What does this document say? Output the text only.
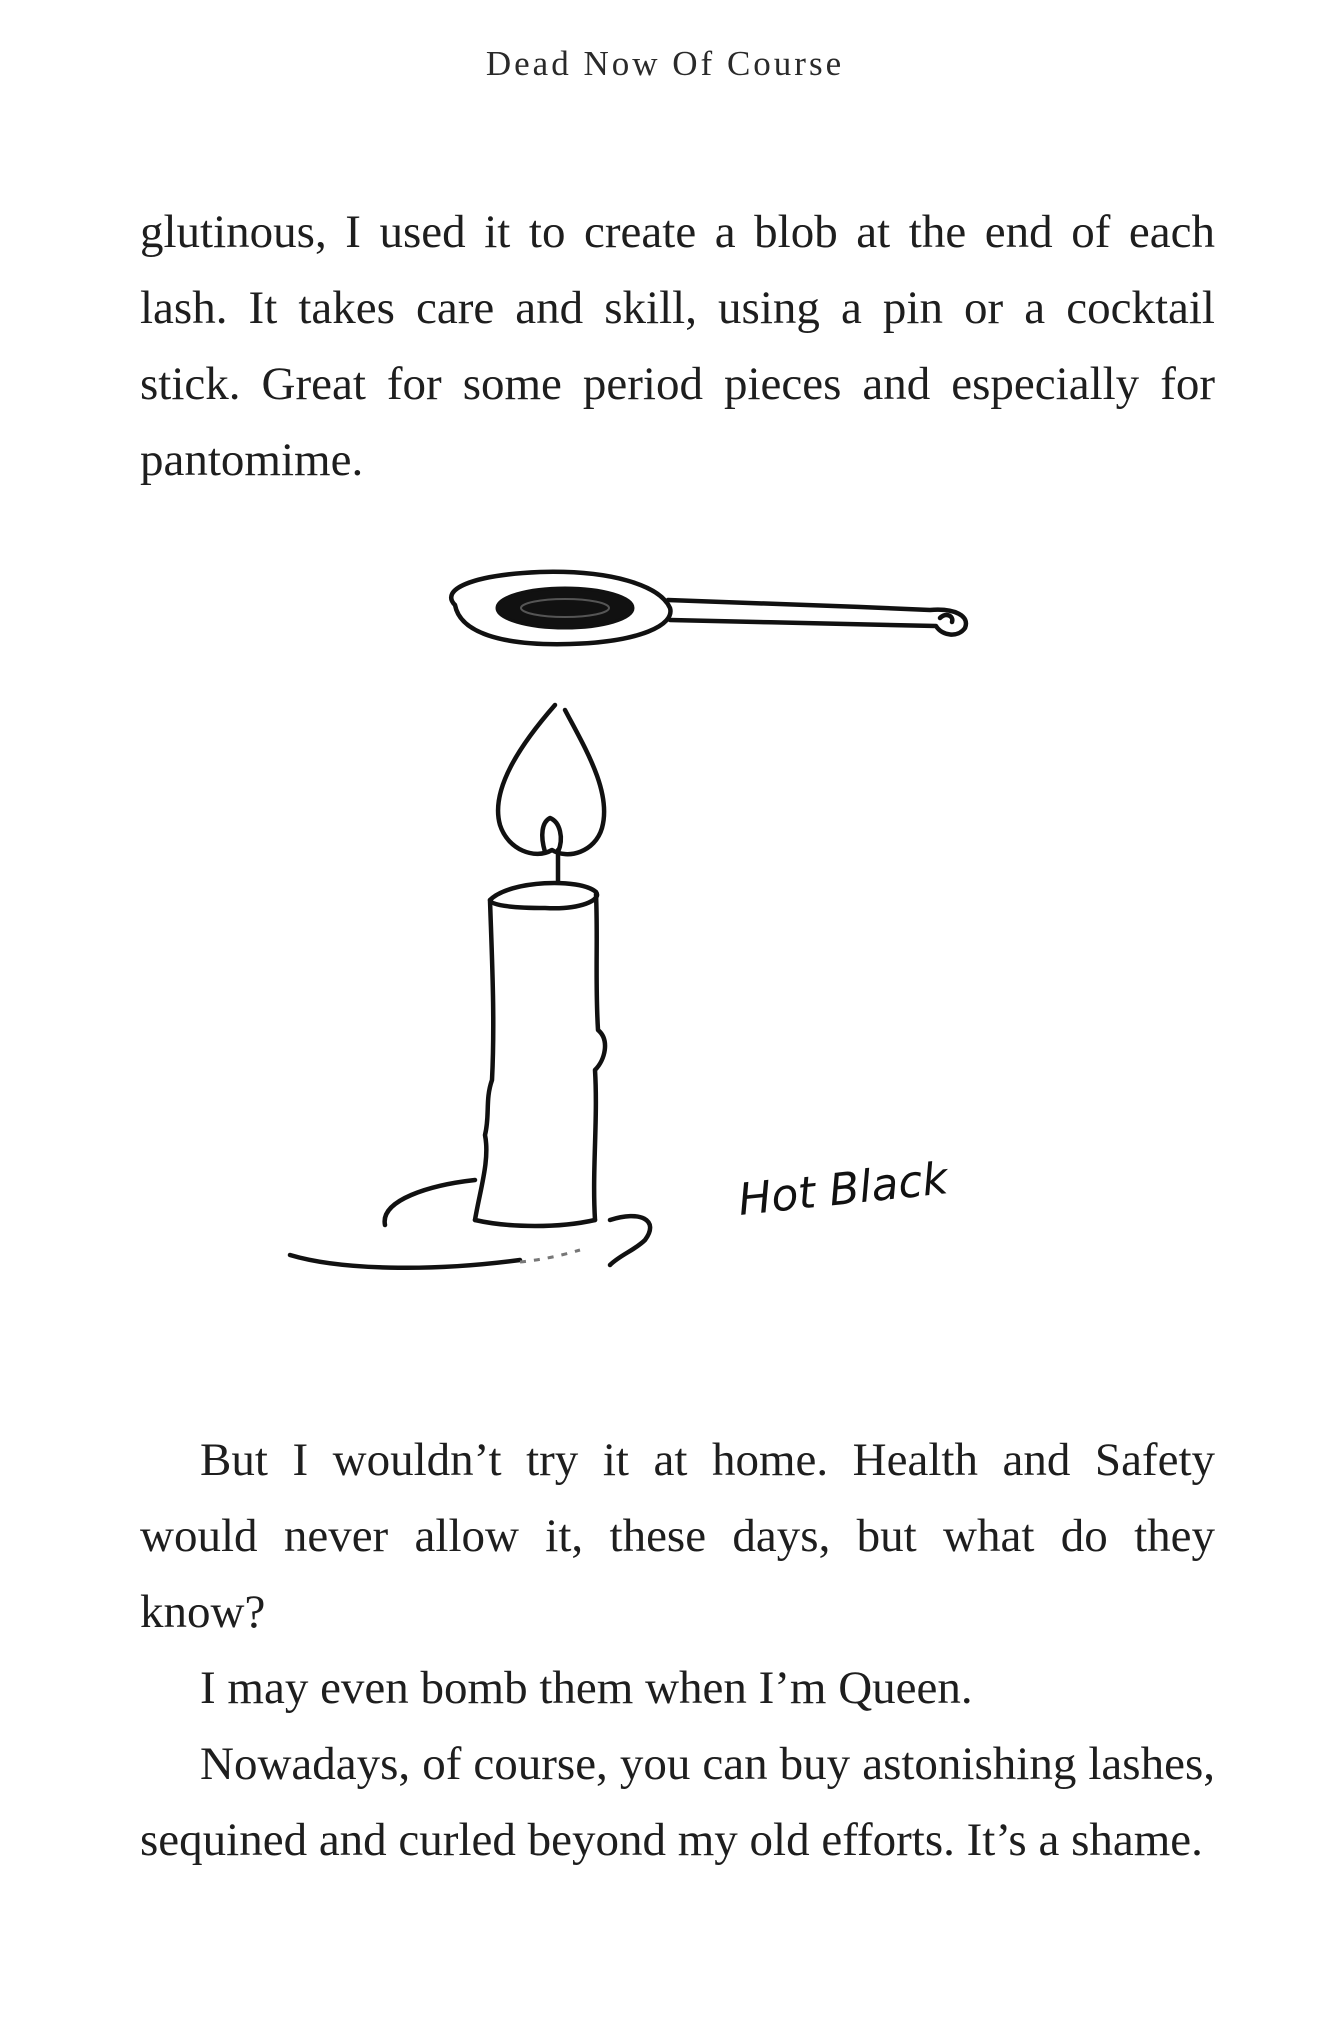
Dead Now Of Course

glutinous, I used it to create a blob at the end of each lash. It takes care and skill, using a pin or a cocktail stick. Great for some period pieces and especially for pantomime.

Hot Black

But I wouldn’t try it at home. Health and Safety would never allow it, these days, but what do they know?

I may even bomb them when I’m Queen.

Nowadays, of course, you can buy astonishing lashes, sequined and curled beyond my old efforts. It’s a shame.
